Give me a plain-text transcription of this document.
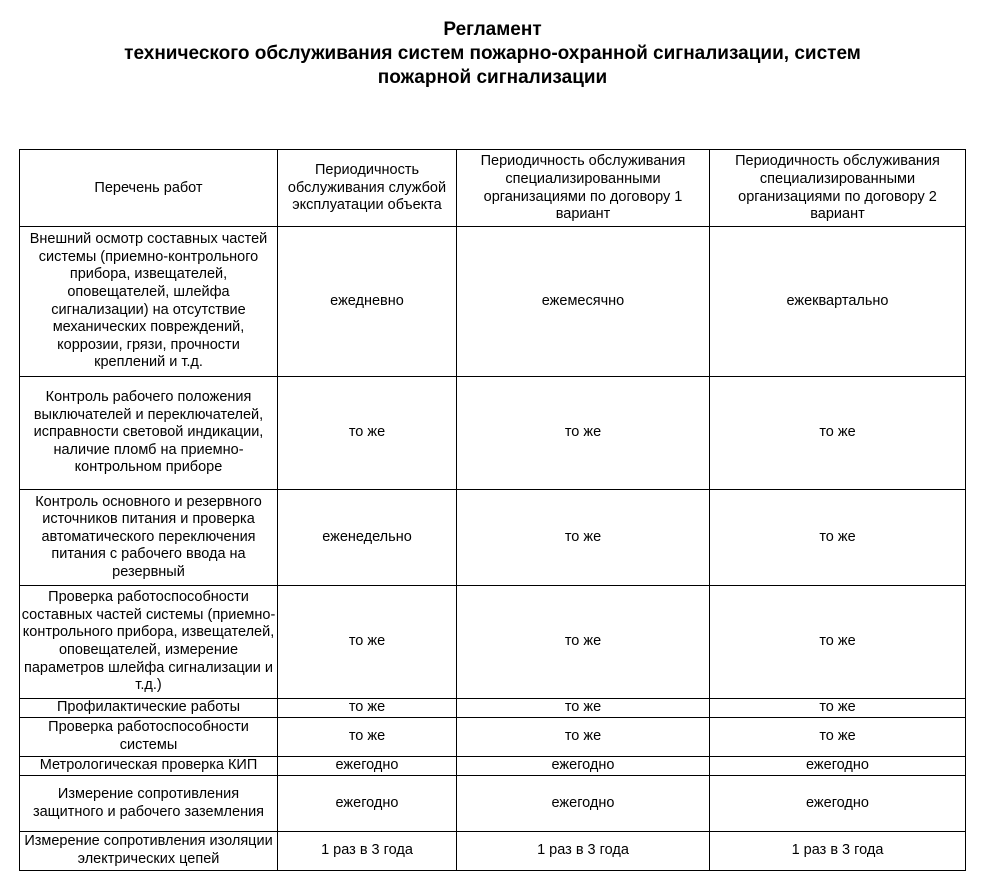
Регламент
технического обслуживания систем пожарно-охранной сигнализации, систем
пожарной сигнализации
Перечень работ	Периодичность обслуживания службой эксплуатации объекта	Периодичность обслуживания специализированными организациями по договору 1 вариант	Периодичность обслуживания специализированными организациями по договору 2 вариант
Внешний осмотр составных частей системы (приемно-контрольного прибора, извещателей, оповещателей, шлейфа сигнализации) на отсутствие механических повреждений, коррозии, грязи, прочности креплений и т.д.	ежедневно	ежемесячно	ежеквартально
Контроль рабочего положения выключателей и переключателей, исправности световой индикации, наличие пломб на приемно-контрольном приборе	то же	то же	то же
Контроль основного и резервного источников питания и проверка автоматического переключения питания с рабочего ввода на резервный	еженедельно	то же	то же
Проверка работоспособности составных частей системы (приемно-контрольного прибора, извещателей, оповещателей, измерение параметров шлейфа сигнализации и т.д.)	то же	то же	то же
Профилактические работы	то же	то же	то же
Проверка работоспособности системы	то же	то же	то же
Метрологическая проверка КИП	ежегодно	ежегодно	ежегодно
Измерение сопротивления защитного и рабочего заземления	ежегодно	ежегодно	ежегодно
Измерение сопротивления изоляции электрических цепей	1 раз в 3 года	1 раз в 3 года	1 раз в 3 года
